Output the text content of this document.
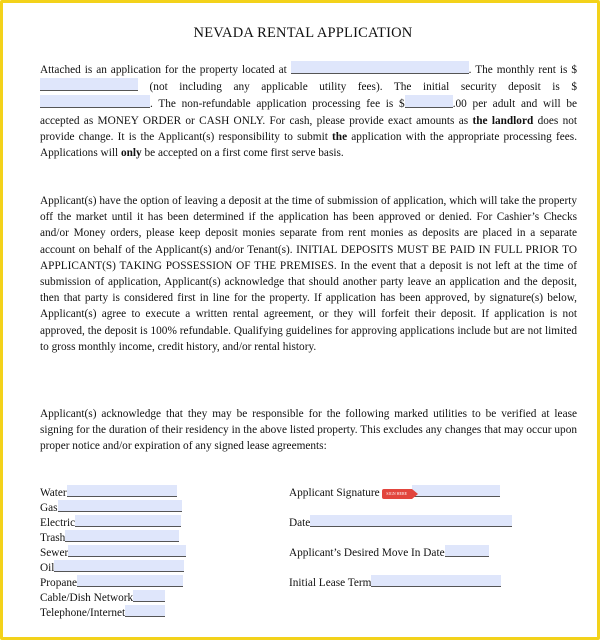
NEVADA RENTAL APPLICATION
Attached is an application for the property located at	. The monthly rent is $ (not including any applicable utility fees). The initial security deposit is $. The non-refundable application processing fee is $	.00 per adult and will be accepted as MONEY ORDER or CASH ONLY. For cash, please provide exact amounts as the landlord does not provide change. It is the Applicant(s) responsibility to submit the application with the appropriate processing fees. Applications will only be accepted on a first come first serve basis.
Applicant(s) have the option of leaving a deposit at the time of submission of application, which will take the property off the market until it has been determined if the application has been approved or denied. For Cashier’s Checks and/or Money orders, please keep deposit monies separate from rent monies as deposits are placed in a separate account on behalf of the Applicant(s) and/or Tenant(s). INITIAL DEPOSITS MUST BE PAID IN FULL PRIOR TO APPLICANT(S) TAKING POSSESSION OF THE PREMISES. In the event that a deposit is not left at the time of submission of application, Applicant(s) acknowledge that should another party leave an application and the deposit, then that party is considered first in line for the property. If application has been approved, by signature(s) below, Applicant(s) agree to execute a written rental agreement, or they will forfeit their deposit. If application is not approved, the deposit is 100% refundable. Qualifying guidelines for approving applications include but are not limited to gross monthly income, credit history, and/or rental history.
Applicant(s) acknowledge that they may be responsible for the following marked utilities to be verified at lease signing for the duration of their residency in the above listed property. This excludes any changes that may occur upon proper notice and/or expiration of any signed lease agreements:
Water
Gas
Electric
Trash
Sewer
Oil
Propane
Cable/Dish Network
Telephone/Internet
Applicant Signature SIGN HERE
Date
Applicant’s Desired Move In Date
Initial Lease Term
